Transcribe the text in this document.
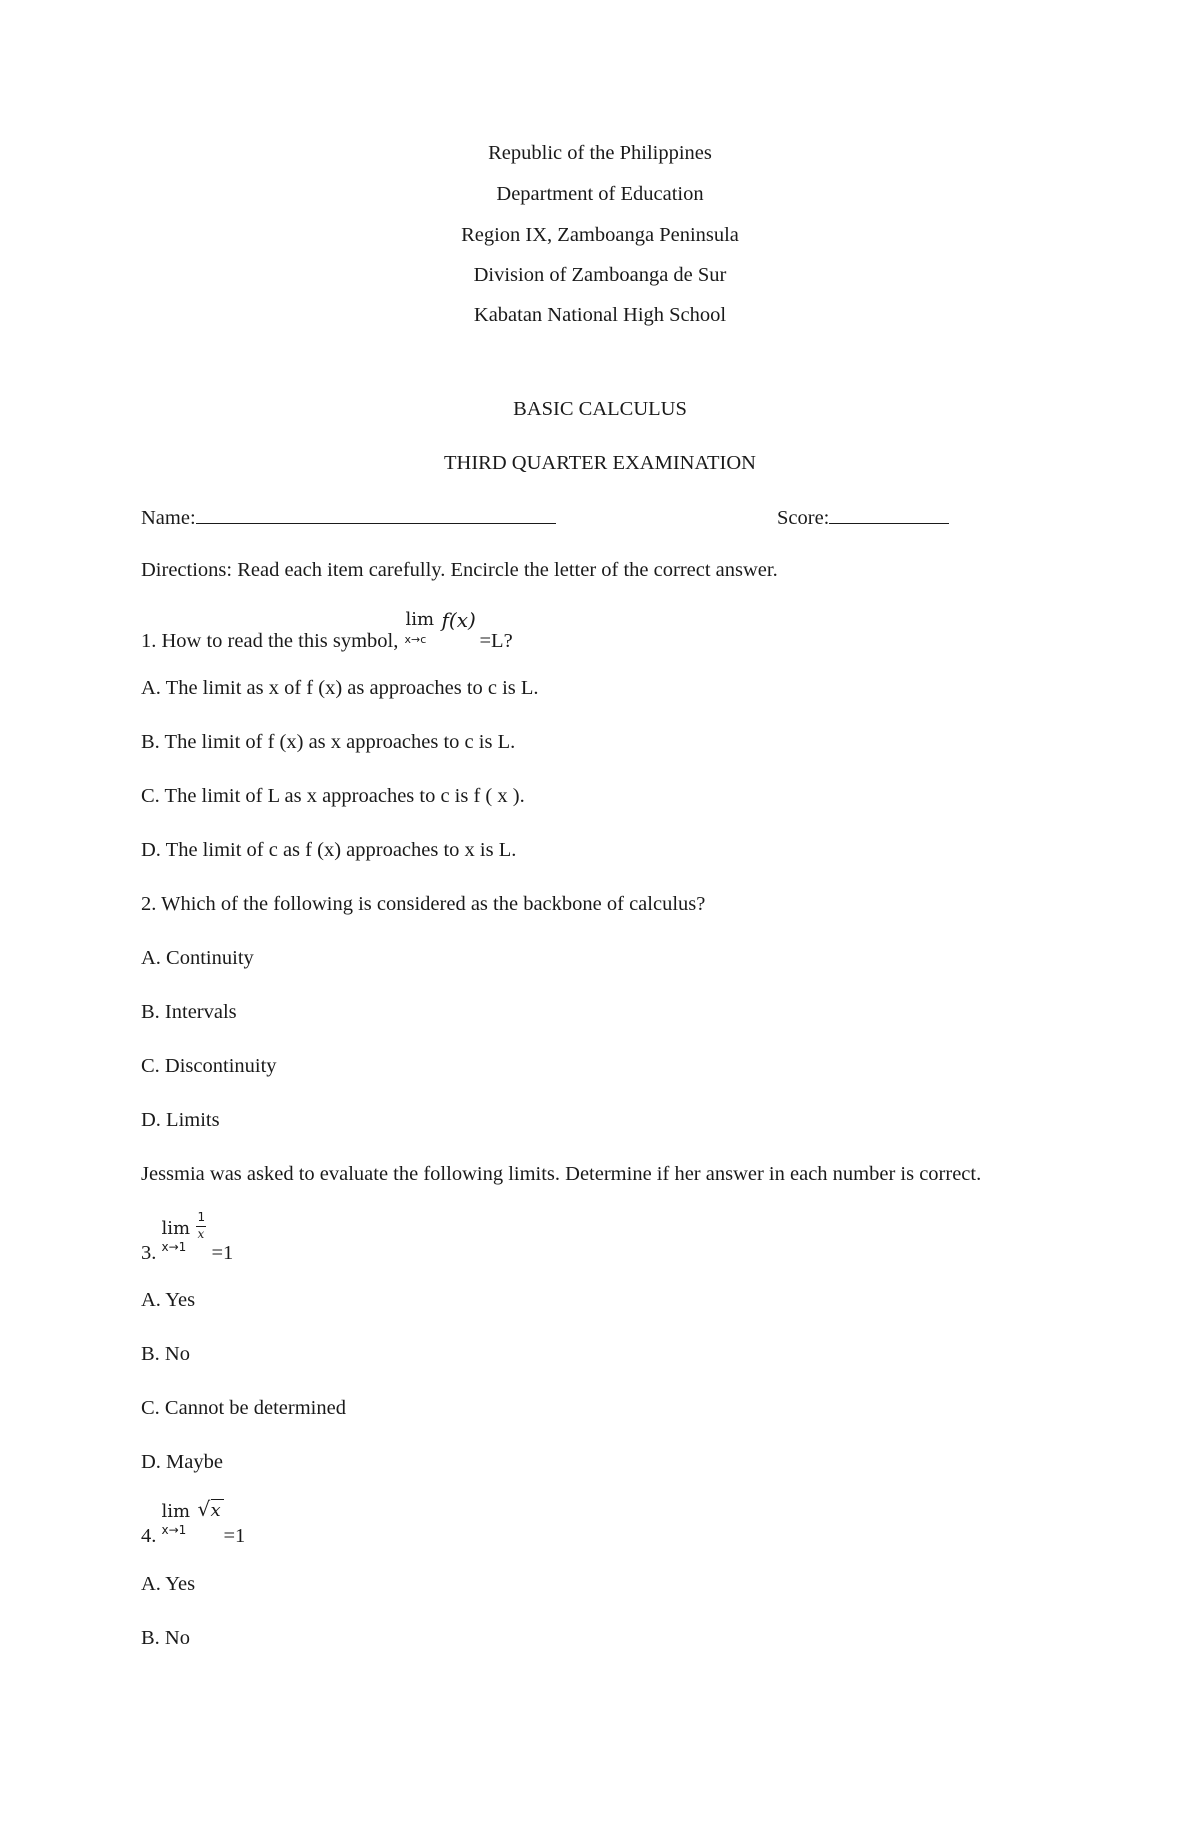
Republic of the Philippines
Department of Education
Region IX, Zamboanga Peninsula
Division of Zamboanga de Sur
Kabatan National High School
BASIC CALCULUS
THIRD QUARTER EXAMINATION
Name:	Score:
Directions: Read each item carefully. Encircle the letter of the correct answer.
1. How to read the this symbol,
lim
x→c
f(x)
=L?
A. The limit as x of f (x) as approaches to c is L.
B. The limit of f (x) as x approaches to c is L.
C. The limit of L as x approaches to c is f ( x ).
D. The limit of c as f (x) approaches to x is L.
2. Which of the following is considered as the backbone of calculus?
A. Continuity
B. Intervals
C. Discontinuity
D. Limits
Jessmia was asked to evaluate the following limits. Determine if her answer in each number is correct.
3.
lim
x→1
1
x
=1
A. Yes
B. No
C. Cannot be determined
D. Maybe
4.
lim
x→1
√ x
=1
A. Yes
B. No
